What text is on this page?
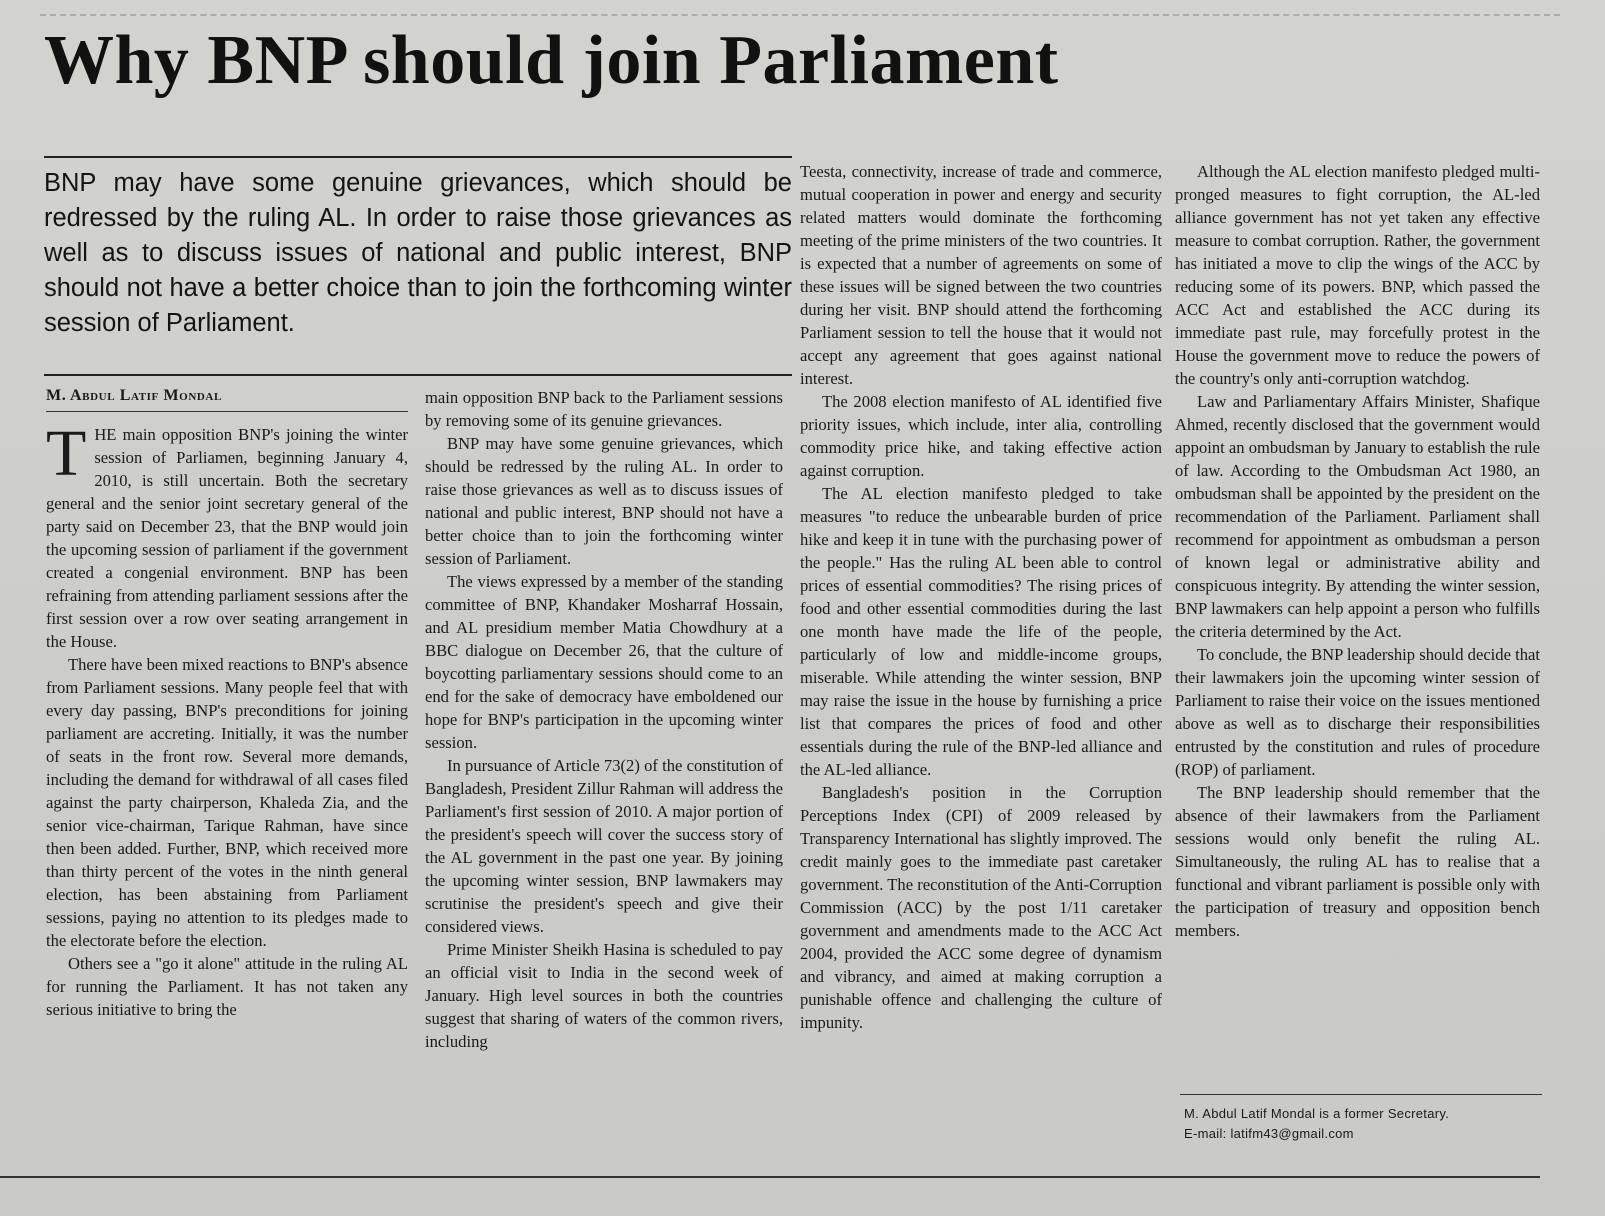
Why BNP should join Parliament
BNP may have some genuine grievances, which should be redressed by the ruling AL. In order to raise those grievances as well as to discuss issues of national and public interest, BNP should not have a better choice than to join the forthcoming winter session of Parliament.
M. Abdul Latif Mondal

THE main opposition BNP's joining the winter session of Parliamen, beginning January 4, 2010, is still uncertain. Both the secretary general and the senior joint secretary general of the party said on December 23, that the BNP would join the upcoming session of parliament if the government created a congenial environment. BNP has been refraining from attending parliament sessions after the first session over a row over seating arrangement in the House.

There have been mixed reactions to BNP's absence from Parliament sessions. Many people feel that with every day passing, BNP's preconditions for joining parliament are accreting. Initially, it was the number of seats in the front row. Several more demands, including the demand for withdrawal of all cases filed against the party chairperson, Khaleda Zia, and the senior vice-chairman, Tarique Rahman, have since then been added. Further, BNP, which received more than thirty percent of the votes in the ninth general election, has been abstaining from Parliament sessions, paying no attention to its pledges made to the electorate before the election.

Others see a "go it alone" attitude in the ruling AL for running the Parliament. It has not taken any serious initiative to bring the

main opposition BNP back to the Parliament sessions by removing some of its genuine grievances.

BNP may have some genuine grievances, which should be redressed by the ruling AL. In order to raise those grievances as well as to discuss issues of national and public interest, BNP should not have a better choice than to join the forthcoming winter session of Parliament.

The views expressed by a member of the standing committee of BNP, Khandaker Mosharraf Hossain, and AL presidium member Matia Chowdhury at a BBC dialogue on December 26, that the culture of boycotting parliamentary sessions should come to an end for the sake of democracy have emboldened our hope for BNP's participation in the upcoming winter session.

In pursuance of Article 73(2) of the constitution of Bangladesh, President Zillur Rahman will address the Parliament's first session of 2010. A major portion of the president's speech will cover the success story of the AL government in the past one year. By joining the upcoming winter session, BNP lawmakers may scrutinise the president's speech and give their considered views.

Prime Minister Sheikh Hasina is scheduled to pay an official visit to India in the second week of January. High level sources in both the countries suggest that sharing of waters of the common rivers, including

Teesta, connectivity, increase of trade and commerce, mutual cooperation in power and energy and security related matters would dominate the forthcoming meeting of the prime ministers of the two countries. It is expected that a number of agreements on some of these issues will be signed between the two countries during her visit. BNP should attend the forthcoming Parliament session to tell the house that it would not accept any agreement that goes against national interest.

The 2008 election manifesto of AL identified five priority issues, which include, inter alia, controlling commodity price hike, and taking effective action against corruption.

The AL election manifesto pledged to take measures "to reduce the unbearable burden of price hike and keep it in tune with the purchasing power of the people." Has the ruling AL been able to control prices of essential commodities? The rising prices of food and other essential commodities during the last one month have made the life of the people, particularly of low and middle-income groups, miserable. While attending the winter session, BNP may raise the issue in the house by furnishing a price list that compares the prices of food and other essentials during the rule of the BNP-led alliance and the AL-led alliance.

Bangladesh's position in the Corruption Perceptions Index (CPI) of 2009 released by Transparency International has slightly improved. The credit mainly goes to the immediate past caretaker government. The reconstitution of the Anti-Corruption Commission (ACC) by the post 1/11 caretaker government and amendments made to the ACC Act 2004, provided the ACC some degree of dynamism and vibrancy, and aimed at making corruption a punishable offence and challenging the culture of impunity.

Although the AL election manifesto pledged multi-pronged measures to fight corruption, the AL-led alliance government has not yet taken any effective measure to combat corruption. Rather, the government has initiated a move to clip the wings of the ACC by reducing some of its powers. BNP, which passed the ACC Act and established the ACC during its immediate past rule, may forcefully protest in the House the government move to reduce the powers of the country's only anti-corruption watchdog.

Law and Parliamentary Affairs Minister, Shafique Ahmed, recently disclosed that the government would appoint an ombudsman by January to establish the rule of law. According to the Ombudsman Act 1980, an ombudsman shall be appointed by the president on the recommendation of the Parliament. Parliament shall recommend for appointment as ombudsman a person of known legal or administrative ability and conspicuous integrity. By attending the winter session, BNP lawmakers can help appoint a person who fulfills the criteria determined by the Act.

To conclude, the BNP leadership should decide that their lawmakers join the upcoming winter session of Parliament to raise their voice on the issues mentioned above as well as to discharge their responsibilities entrusted by the constitution and rules of procedure (ROP) of parliament.

The BNP leadership should remember that the absence of their lawmakers from the Parliament sessions would only benefit the ruling AL. Simultaneously, the ruling AL has to realise that a functional and vibrant parliament is possible only with the participation of treasury and opposition bench members.

M. Abdul Latif Mondal is a former Secretary.
E-mail: latifm43@gmail.com
